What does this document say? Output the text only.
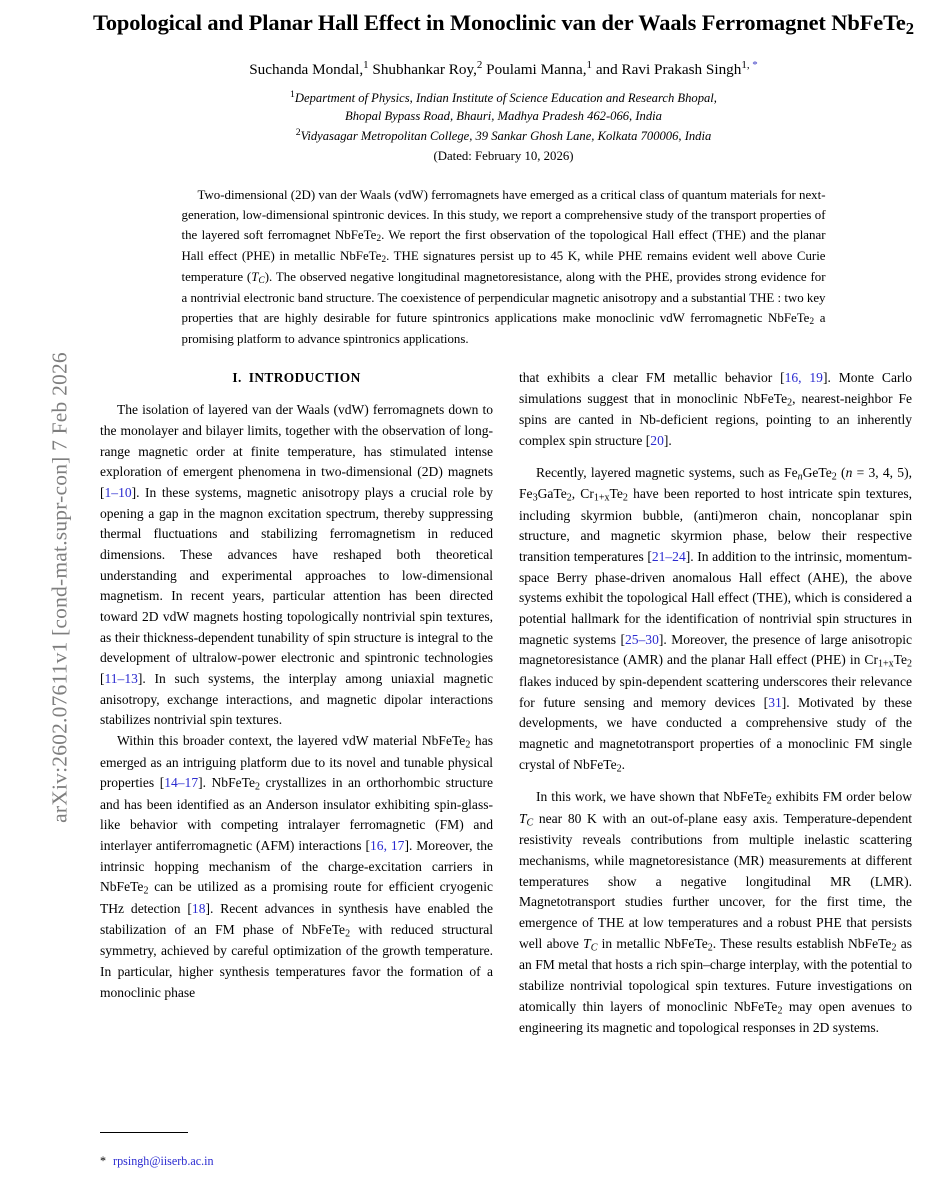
arXiv:2602.07611v1 [cond-mat.supr-con] 7 Feb 2026
Topological and Planar Hall Effect in Monoclinic van der Waals Ferromagnet NbFeTe$_2$
Suchanda Mondal,$^1$ Shubhankar Roy,$^2$ Poulami Manna,$^1$ and Ravi Prakash Singh$^{1,}$ *
$^1$Department of Physics, Indian Institute of Science Education and Research Bhopal,
Bhopal Bypass Road, Bhauri, Madhya Pradesh 462-066, India
$^2$Vidyasagar Metropolitan College, 39 Sankar Ghosh Lane, Kolkata 700006, India
(Dated: February 10, 2026)

Two-dimensional (2D) van der Waals (vdW) ferromagnets have emerged as a critical class of quantum materials for next-generation, low-dimensional spintronic devices. In this study, we report a comprehensive study of the transport properties of the layered soft ferromagnet NbFeTe$_2$. We report the first observation of the topological Hall effect (THE) and the planar Hall effect (PHE) in metallic NbFeTe$_2$. THE signatures persist up to 45 K, while PHE remains evident well above Curie temperature $(T_C)$. The observed negative longitudinal magnetoresistance, along with the PHE, provides strong evidence for a nontrivial electronic band structure. The coexistence of perpendicular magnetic anisotropy and a substantial THE : two key properties that are highly desirable for future spintronics applications make monoclinic vdW ferromagnetic NbFeTe$_2$ a promising platform to advance spintronics applications.

I. INTRODUCTION

The isolation of layered van der Waals (vdW) ferromagnets down to the monolayer and bilayer limits, together with the observation of long-range magnetic order at finite temperature, has stimulated intense exploration of emergent phenomena in two-dimensional (2D) magnets [1–10]. In these systems, magnetic anisotropy plays a crucial role by opening a gap in the magnon excitation spectrum, thereby suppressing thermal fluctuations and stabilizing ferromagnetism in reduced dimensions. These advances have reshaped both theoretical understanding and experimental approaches to low-dimensional magnetism. In recent years, particular attention has been directed toward 2D vdW magnets hosting topologically nontrivial spin textures, as their thickness-dependent tunability of spin structure is integral to the development of ultralow-power electronic and spintronic technologies [11–13]. In such systems, the interplay among uniaxial magnetic anisotropy, exchange interactions, and magnetic dipolar interactions stabilizes nontrivial spin textures.

Within this broader context, the layered vdW material NbFeTe$_2$ has emerged as an intriguing platform due to its novel and tunable physical properties [14–17]. NbFeTe$_2$ crystallizes in an orthorhombic structure and has been identified as an Anderson insulator exhibiting spin-glass-like behavior with competing intralayer ferromagnetic (FM) and interlayer antiferromagnetic (AFM) interactions [16, 17]. Moreover, the intrinsic hopping mechanism of the charge-excitation carriers in NbFeTe$_2$ can be utilized as a promising route for efficient cryogenic THz detection [18]. Recent advances in synthesis have enabled the stabilization of an FM phase of NbFeTe$_2$ with reduced structural symmetry, achieved by careful optimization of the growth temperature. In particular, higher synthesis temperatures favor the formation of a monoclinic phase

* rpsingh@iiserb.ac.in

that exhibits a clear FM metallic behavior [16, 19]. Monte Carlo simulations suggest that in monoclinic NbFeTe$_2$, nearest-neighbor Fe spins are canted in Nb-deficient regions, pointing to an inherently complex spin structure [20].

Recently, layered magnetic systems, such as $Fe_nGeTe_2$ (n = 3, 4, 5), $Fe_3GaTe_2$, $Cr_{1+x}Te_2$ have been reported to host intricate spin textures, including skyrmion bubble, (anti)meron chain, noncoplanar spin structure, and magnetic skyrmion phase, below their respective transition temperatures [21–24]. In addition to the intrinsic, momentum-space Berry phase-driven anomalous Hall effect (AHE), the above systems exhibit the topological Hall effect (THE), which is considered a potential hallmark for the identification of nontrivial spin structures in magnetic systems [25–30]. Moreover, the presence of large anisotropic magnetoresistance (AMR) and the planar Hall effect (PHE) in $Cr_{1+x}Te_2$ flakes induced by spin-dependent scattering underscores their relevance for future sensing and memory devices [31]. Motivated by these developments, we have conducted a comprehensive study of the magnetic and magnetotransport properties of a monoclinic FM single crystal of NbFeTe$_2$.

In this work, we have shown that NbFeTe$_2$ exhibits FM order below $T_C$ near 80 K with an out-of-plane easy axis. Temperature-dependent resistivity reveals contributions from multiple inelastic scattering mechanisms, while magnetoresistance (MR) measurements at different temperatures show a negative longitudinal MR (LMR). Magnetotransport studies further uncover, for the first time, the emergence of THE at low temperatures and a robust PHE that persists well above $T_C$ in metallic NbFeTe$_2$. These results establish NbFeTe$_2$ as an FM metal that hosts a rich spin–charge interplay, with the potential to stabilize nontrivial topological spin textures. Future investigations on atomically thin layers of monoclinic NbFeTe$_2$ may open avenues to engineering its magnetic and topological responses in 2D systems.
